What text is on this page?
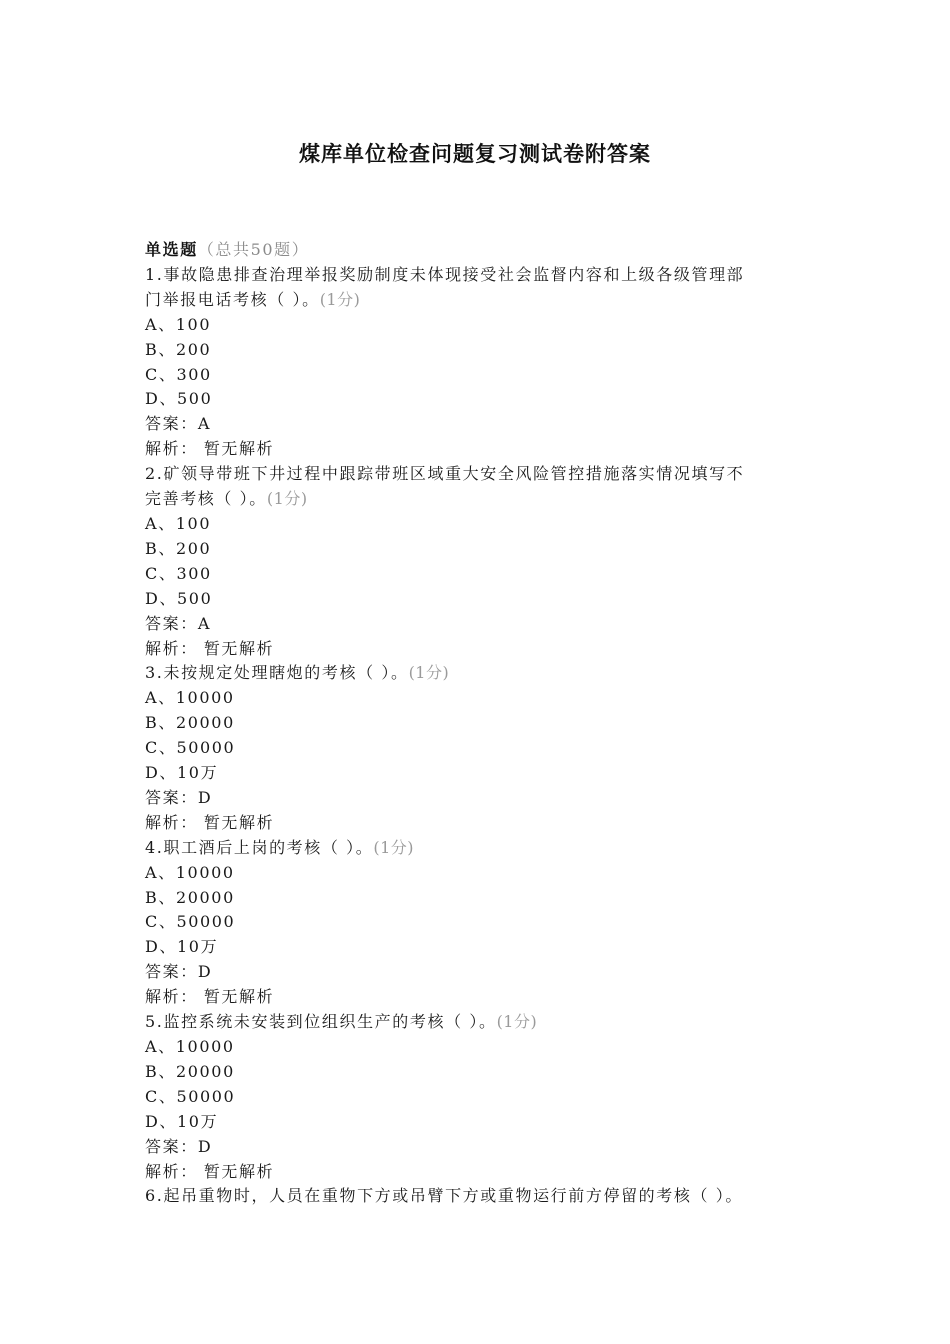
煤库单位检查问题复习测试卷附答案
单选题（总共50题）
1.事故隐患排查治理举报奖励制度未体现接受社会监督内容和上级各级管理部
门举报电话考核（ ）。(1分)
A、100
B、200
C、300
D、500
答案：A
解析： 暂无解析
2.矿领导带班下井过程中跟踪带班区域重大安全风险管控措施落实情况填写不
完善考核（ ）。(1分)
A、100
B、200
C、300
D、500
答案：A
解析： 暂无解析
3.未按规定处理瞎炮的考核（ ）。(1分)
A、10000
B、20000
C、50000
D、10万
答案：D
解析： 暂无解析
4.职工酒后上岗的考核（ ）。(1分)
A、10000
B、20000
C、50000
D、10万
答案：D
解析： 暂无解析
5.监控系统未安装到位组织生产的考核（ ）。(1分)
A、10000
B、20000
C、50000
D、10万
答案：D
解析： 暂无解析
6.起吊重物时，人员在重物下方或吊臂下方或重物运行前方停留的考核（ ）。
